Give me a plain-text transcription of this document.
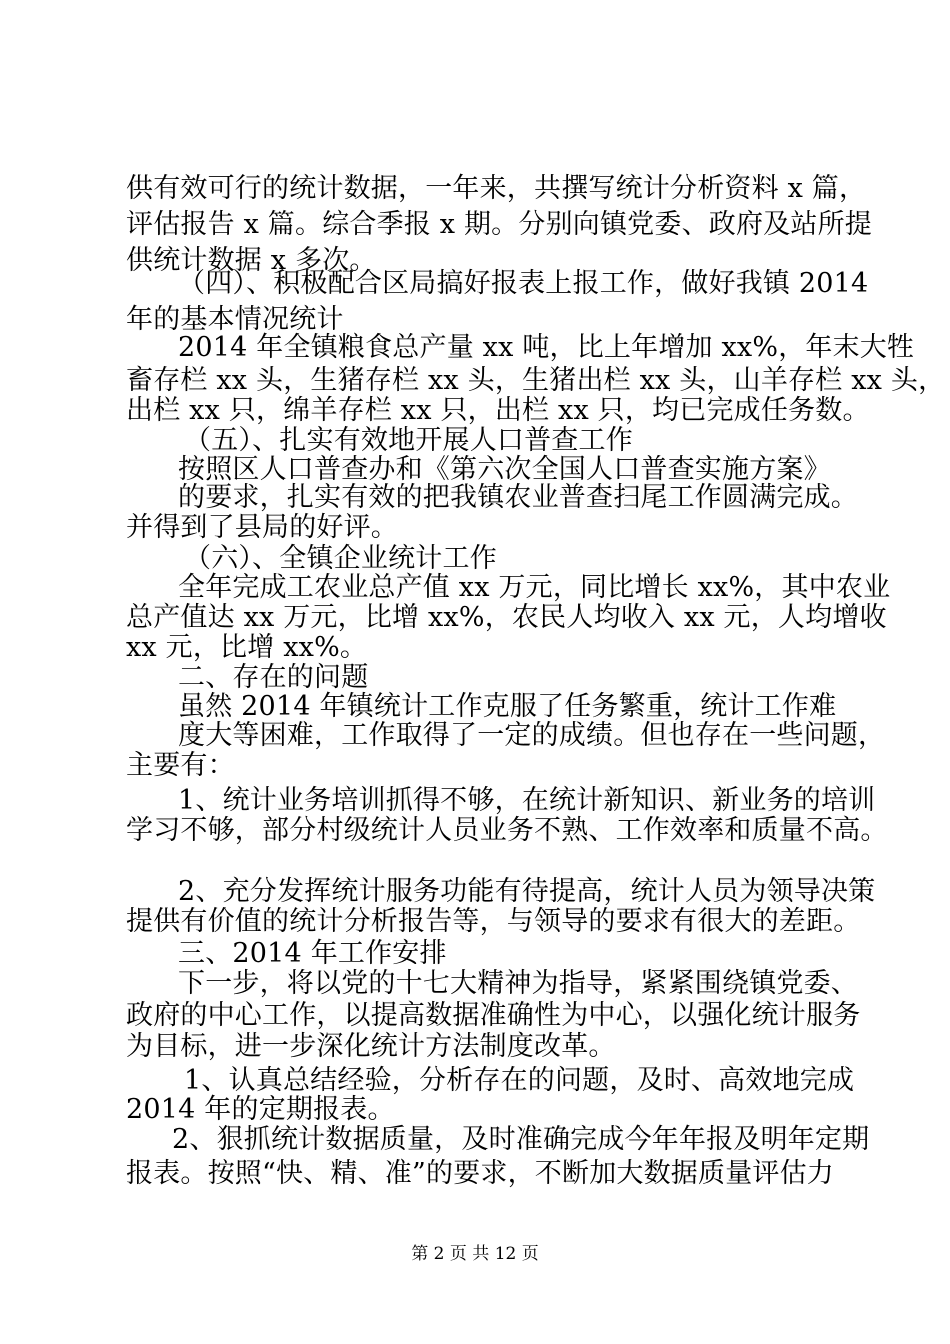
供有效可行的统计数据，一年来，共撰写统计分析资料 x 篇，
评估报告 x 篇。综合季报 x 期。分别向镇党委、政府及站所提
供统计数据 x 多次。
（四）、积极配合区局搞好报表上报工作，做好我镇 2014
年的基本情况统计
2014 年全镇粮食总产量 xx 吨，比上年增加 xx%，年末大牲
畜存栏 xx 头，生猪存栏 xx 头，生猪出栏 xx 头，山羊存栏 xx 头，
出栏 xx 只，绵羊存栏 xx 只，出栏 xx 只，均已完成任务数。
（五）、扎实有效地开展人口普查工作
按照区人口普查办和《第六次全国人口普查实施方案》
的要求，扎实有效的把我镇农业普查扫尾工作圆满完成。
并得到了县局的好评。
（六）、全镇企业统计工作
全年完成工农业总产值 xx 万元，同比增长 xx%，其中农业
总产值达 xx 万元，比增 xx%，农民人均收入 xx 元，人均增收
xx 元，比增 xx%。
二、存在的问题
虽然 2014 年镇统计工作克服了任务繁重，统计工作难
度大等困难，工作取得了一定的成绩。但也存在一些问题，
主要有：
1、统计业务培训抓得不够，在统计新知识、新业务的培训
学习不够，部分村级统计人员业务不熟、工作效率和质量不高。
2、充分发挥统计服务功能有待提高，统计人员为领导决策
提供有价值的统计分析报告等，与领导的要求有很大的差距。
三、2014 年工作安排
下一步，将以党的十七大精神为指导，紧紧围绕镇党委、
政府的中心工作，以提高数据准确性为中心，以强化统计服务
为目标，进一步深化统计方法制度改革。
1、认真总结经验，分析存在的问题，及时、高效地完成
2014 年的定期报表。
2、狠抓统计数据质量，及时准确完成今年年报及明年定期
报表。按照“快、精、准”的要求，不断加大数据质量评估力
第 2 页 共 12 页
